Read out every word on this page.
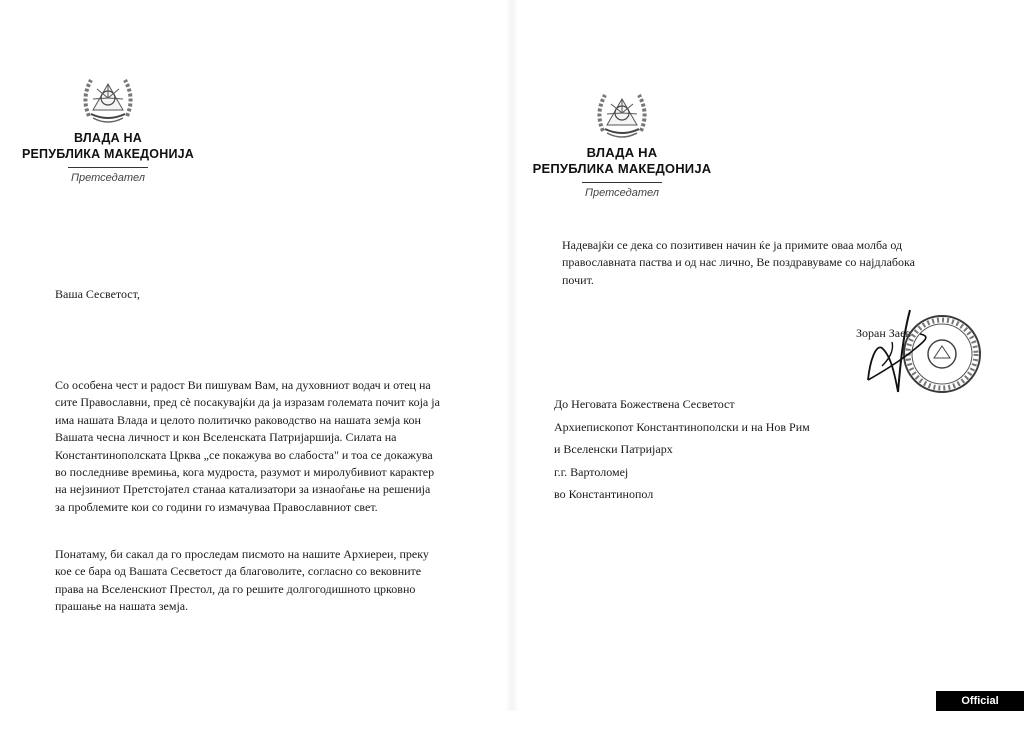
ВЛАДА НА
РЕПУБЛИКА МАКЕДОНИЈА
Претседател
Ваша Сесветост,

Со особена чест и радост Ви пишувам Вам, на духовниот водач и отец на

сите Православни, пред сè посакувајќи да ја изразам големата почит која ја

има нашата Влада и целото политичко раководство на нашата земја кон

Вашата чесна личност и кон Вселенската Патријаршија. Силата на

Константинополската Црква „се покажува во слабоста" и тоа се докажува

во последниве времиња, кога мудроста, разумот и миролубивиот карактер

на нејзиниот Претстојател станаа катализатори за изнаоѓање на решенија

за проблемите кои со години го измачуваа Православниот свет.

Понатаму, би сакал да го проследам писмото на нашите Архиереи, преку

кое се бара од Вашата Сесветост да благоволите, согласно со вековните

права на Вселенскиот Престол, да го решите долгогодишното црковно

прашање на нашата земја.

ВЛАДА НА
РЕПУБЛИКА МАКЕДОНИЈА
Претседател

Надевајќи се дека со позитивен начин ќе ја примите оваа молба од

православната паства и од нас лично, Ве поздравуваме со најдлабока

почит.

Зоран Заев
До Неговата Божествена Сесветост
Архиепископот Константинополски и на Нов Рим
и Вселенски Патријарх
г.г. Вартоломеј
во Константинопол
Official publication
